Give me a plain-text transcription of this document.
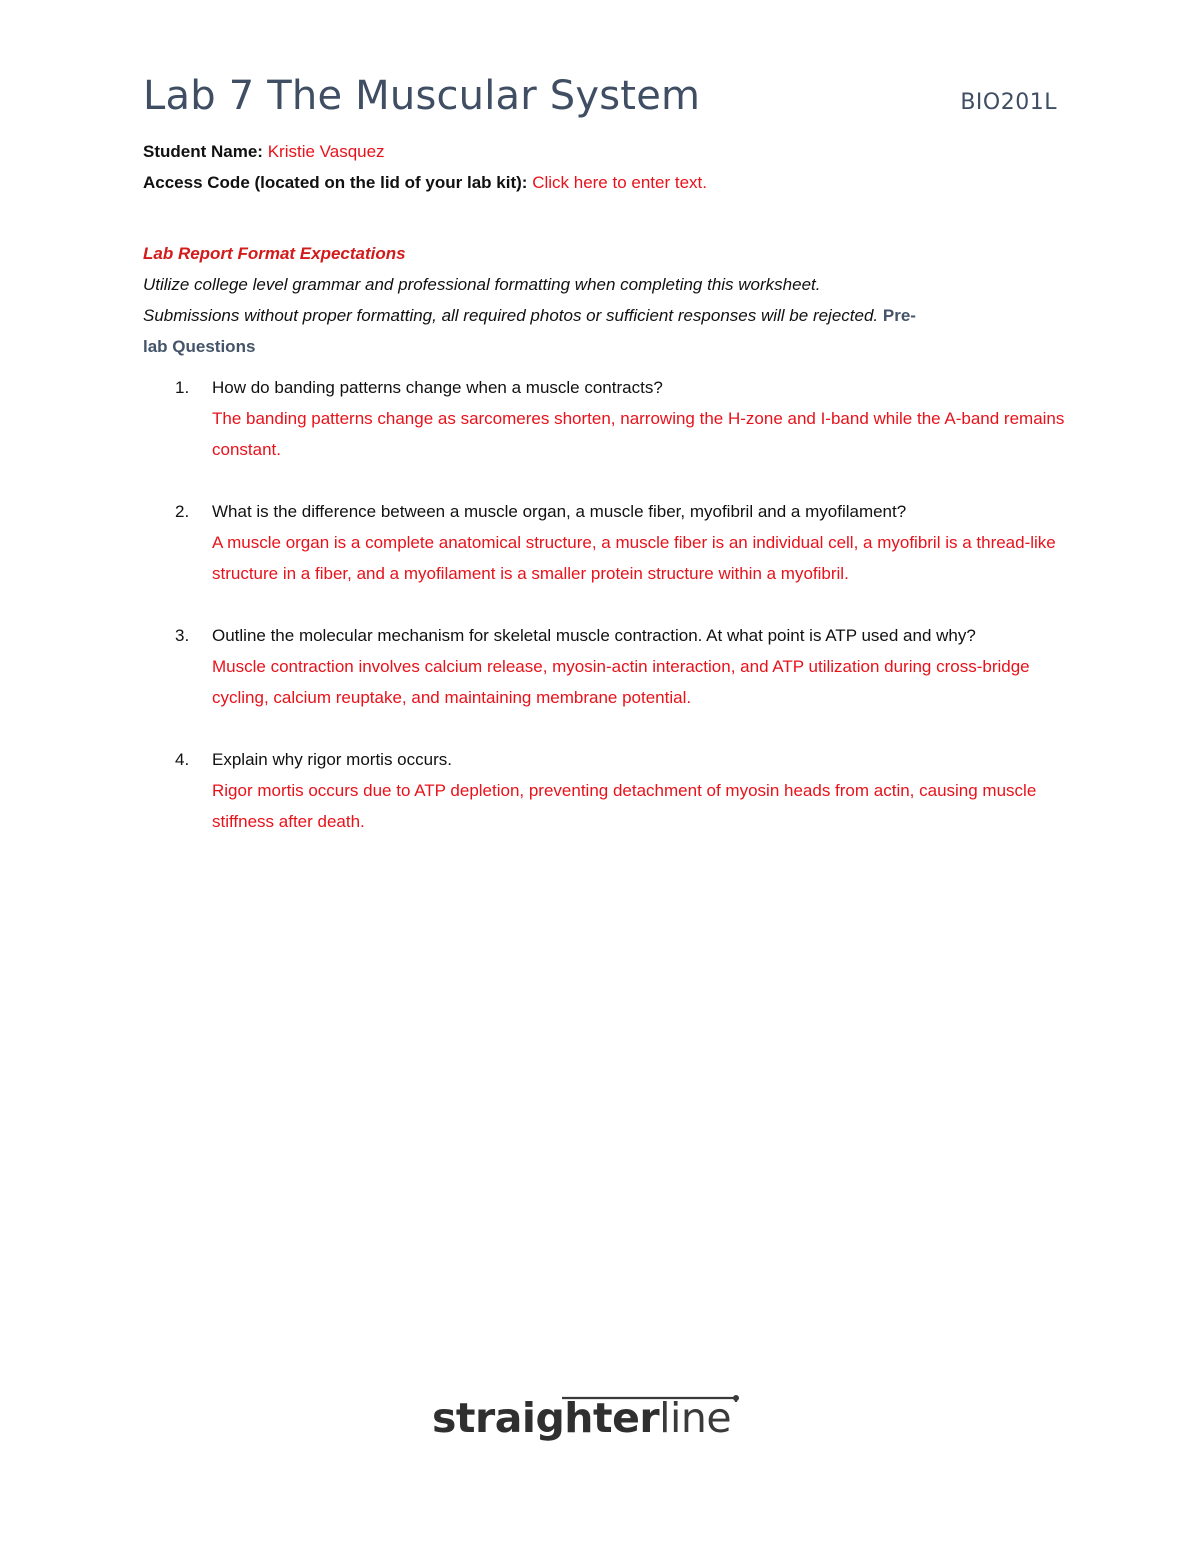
Lab 7 The Muscular System	BIO201L
Student Name: Kristie Vasquez
Access Code (located on the lid of your lab kit): Click here to enter text.
Lab Report Format Expectations
Utilize college level grammar and professional formatting when completing this worksheet.
Submissions without proper formatting, all required photos or sufficient responses will be rejected. Pre-
lab Questions
1.	How do banding patterns change when a muscle contracts?
The banding patterns change as sarcomeres shorten, narrowing the H-zone and I-band while the A-band remains constant.
2.	What is the difference between a muscle organ, a muscle fiber, myofibril and a myofilament?
A muscle organ is a complete anatomical structure, a muscle fiber is an individual cell, a myofibril is a thread-like structure in a fiber, and a myofilament is a smaller protein structure within a myofibril.
3.	Outline the molecular mechanism for skeletal muscle contraction. At what point is ATP used and why?
Muscle contraction involves calcium release, myosin-actin interaction, and ATP utilization during cross-bridge cycling, calcium reuptake, and maintaining membrane potential.
4.	Explain why rigor mortis occurs.
Rigor mortis occurs due to ATP depletion, preventing detachment of myosin heads from actin, causing muscle stiffness after death.
straighterline
